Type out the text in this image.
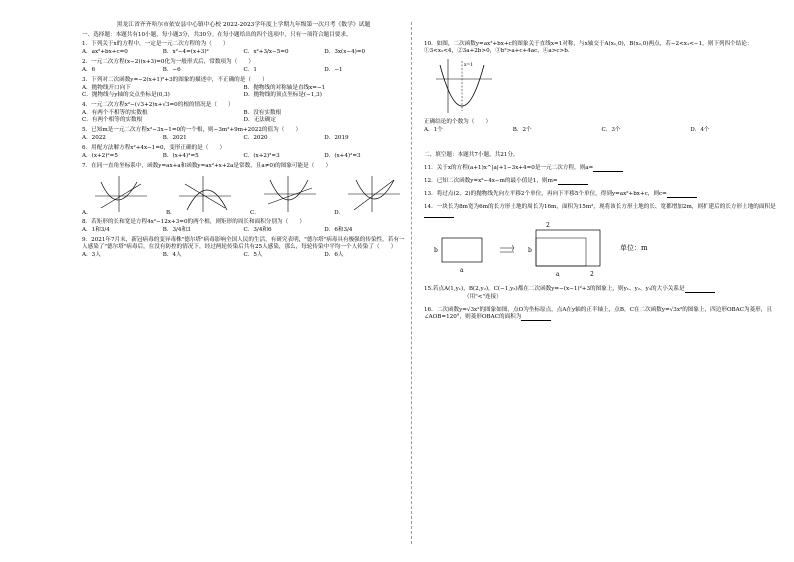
黑龙江省齐齐哈尔市依安县中心镇中心校 2022-2023学年度上学期九年级第一次月考《数学》试题
一、选择题：本题共有10小题，每小题3分，共30分。在每小题给出的四个选项中，只有一项符合题目要求。
1．下列关于x的方程中，一定是一元二次方程的为（　　）
A．ax²+bx+c=0	B．x²−4=(x+3)²	C．x²+3/x−5=0	D．3x(x−4)=0
2．一元二次方程(x−2)(x+3)=0化为一般形式后，常数项为（　　）
A．6	B．−6	C．1	D．−1
3．下列对二次函数y=−2(x+1)²+3的图象的描述中，不正确的是（　　）
A．抛物线开口向下	B．抛物线的对称轴是直线x=−1
C．抛物线与y轴的交点坐标是(0,3)	D．抛物线的顶点坐标是(−1,3)
4．一元二次方程x²−(√3+2)x+√3=0的根的情况是（　　）
A．有两个不相等的实数根	B．没有实数根
C．有两个相等的实数根	D．无法确定
5．已知m是一元二次方程x²−3x−1=0的一个根，则−3m²+9m+2022的值为（　　）
A．2022	B．2021	C．2020	D．2019
6．用配方法解方程x²+4x−1=0，变形正确的是（　　）
A．(x+2)²=5	B．(x+4)²=5	C．(x+2)²=3	D．(x+4)²=3
7．在同一直角坐标系中，函数y=ax+a和函数y=ax²+x+2a是常数，且a≠0)的图象可能是（　　）
A．	B．	C．	D．
8．若矩形的长和宽是方程4x²−12x+3=0的两个根，则矩形的周长和面积分别为（　　）
A．1和3/4	B．3/4和3	C．3/4和6	D．6和3/4
9．2021年7月末，新冠病毒的变异毒株"德尔塔"病毒影响全国人民的生活，有研究表明，"德尔塔"病毒具有极强的传染性，若有一人感染了"德尔塔"病毒后，在没有防控的情况下，经过两轮传染后共有25人感染，那么，每轮传染中平均一个人传染了（　　）
A．3人	B．4人	C．5人	D．6人
10．如图，二次函数y=ax²+bx+c的图象关于直线x=1对称，与x轴交于A(x₁,0)，B(x₂,0)两点，若−2<x₁<−1，则下列四个结论：①3<x₂<4，②3a+2b>0，③b²>a+c+4ac，④a>c>b．
x=1
正确结论的个数为（　　）
A．1个	B．2个	C．3个	D．4个
二、填空题：本题共7小题，共21分。
11．关于x的方程(a+1)x^|a|+1−3x+4=0是一元二次方程，则a=
12．已知二次函数y=x²−4x−m的最小值是1，则m=
13．将过点(2，2)的抛物线先向左平移2个单位，再向下平移5个单位，得到y=ax²+bx+c，则c=
14．一块长为8m宽为6m的长方形土地的周长为16m，面积为15m²，现将该长方形土地的长、宽都增加2m，则扩建后的长方形土地的面积是
b
a
b
a
2
2
单位：m
15.若点A(1,y₁)，B(2,y₂)，C(−1,y₃)都在二次函数y=−(x−1)²+3的图象上，则y₁、y₂、y₃的大小关系是
（用"<"连接）
16．二次函数y=√3x²的图象如图，点O为坐标原点，点A在y轴的正半轴上，点B，C在二次函数y=√3x²的图象上，四边形OBAC为菱形，且∠AOB=120°，则菱形OBAC的面积为
